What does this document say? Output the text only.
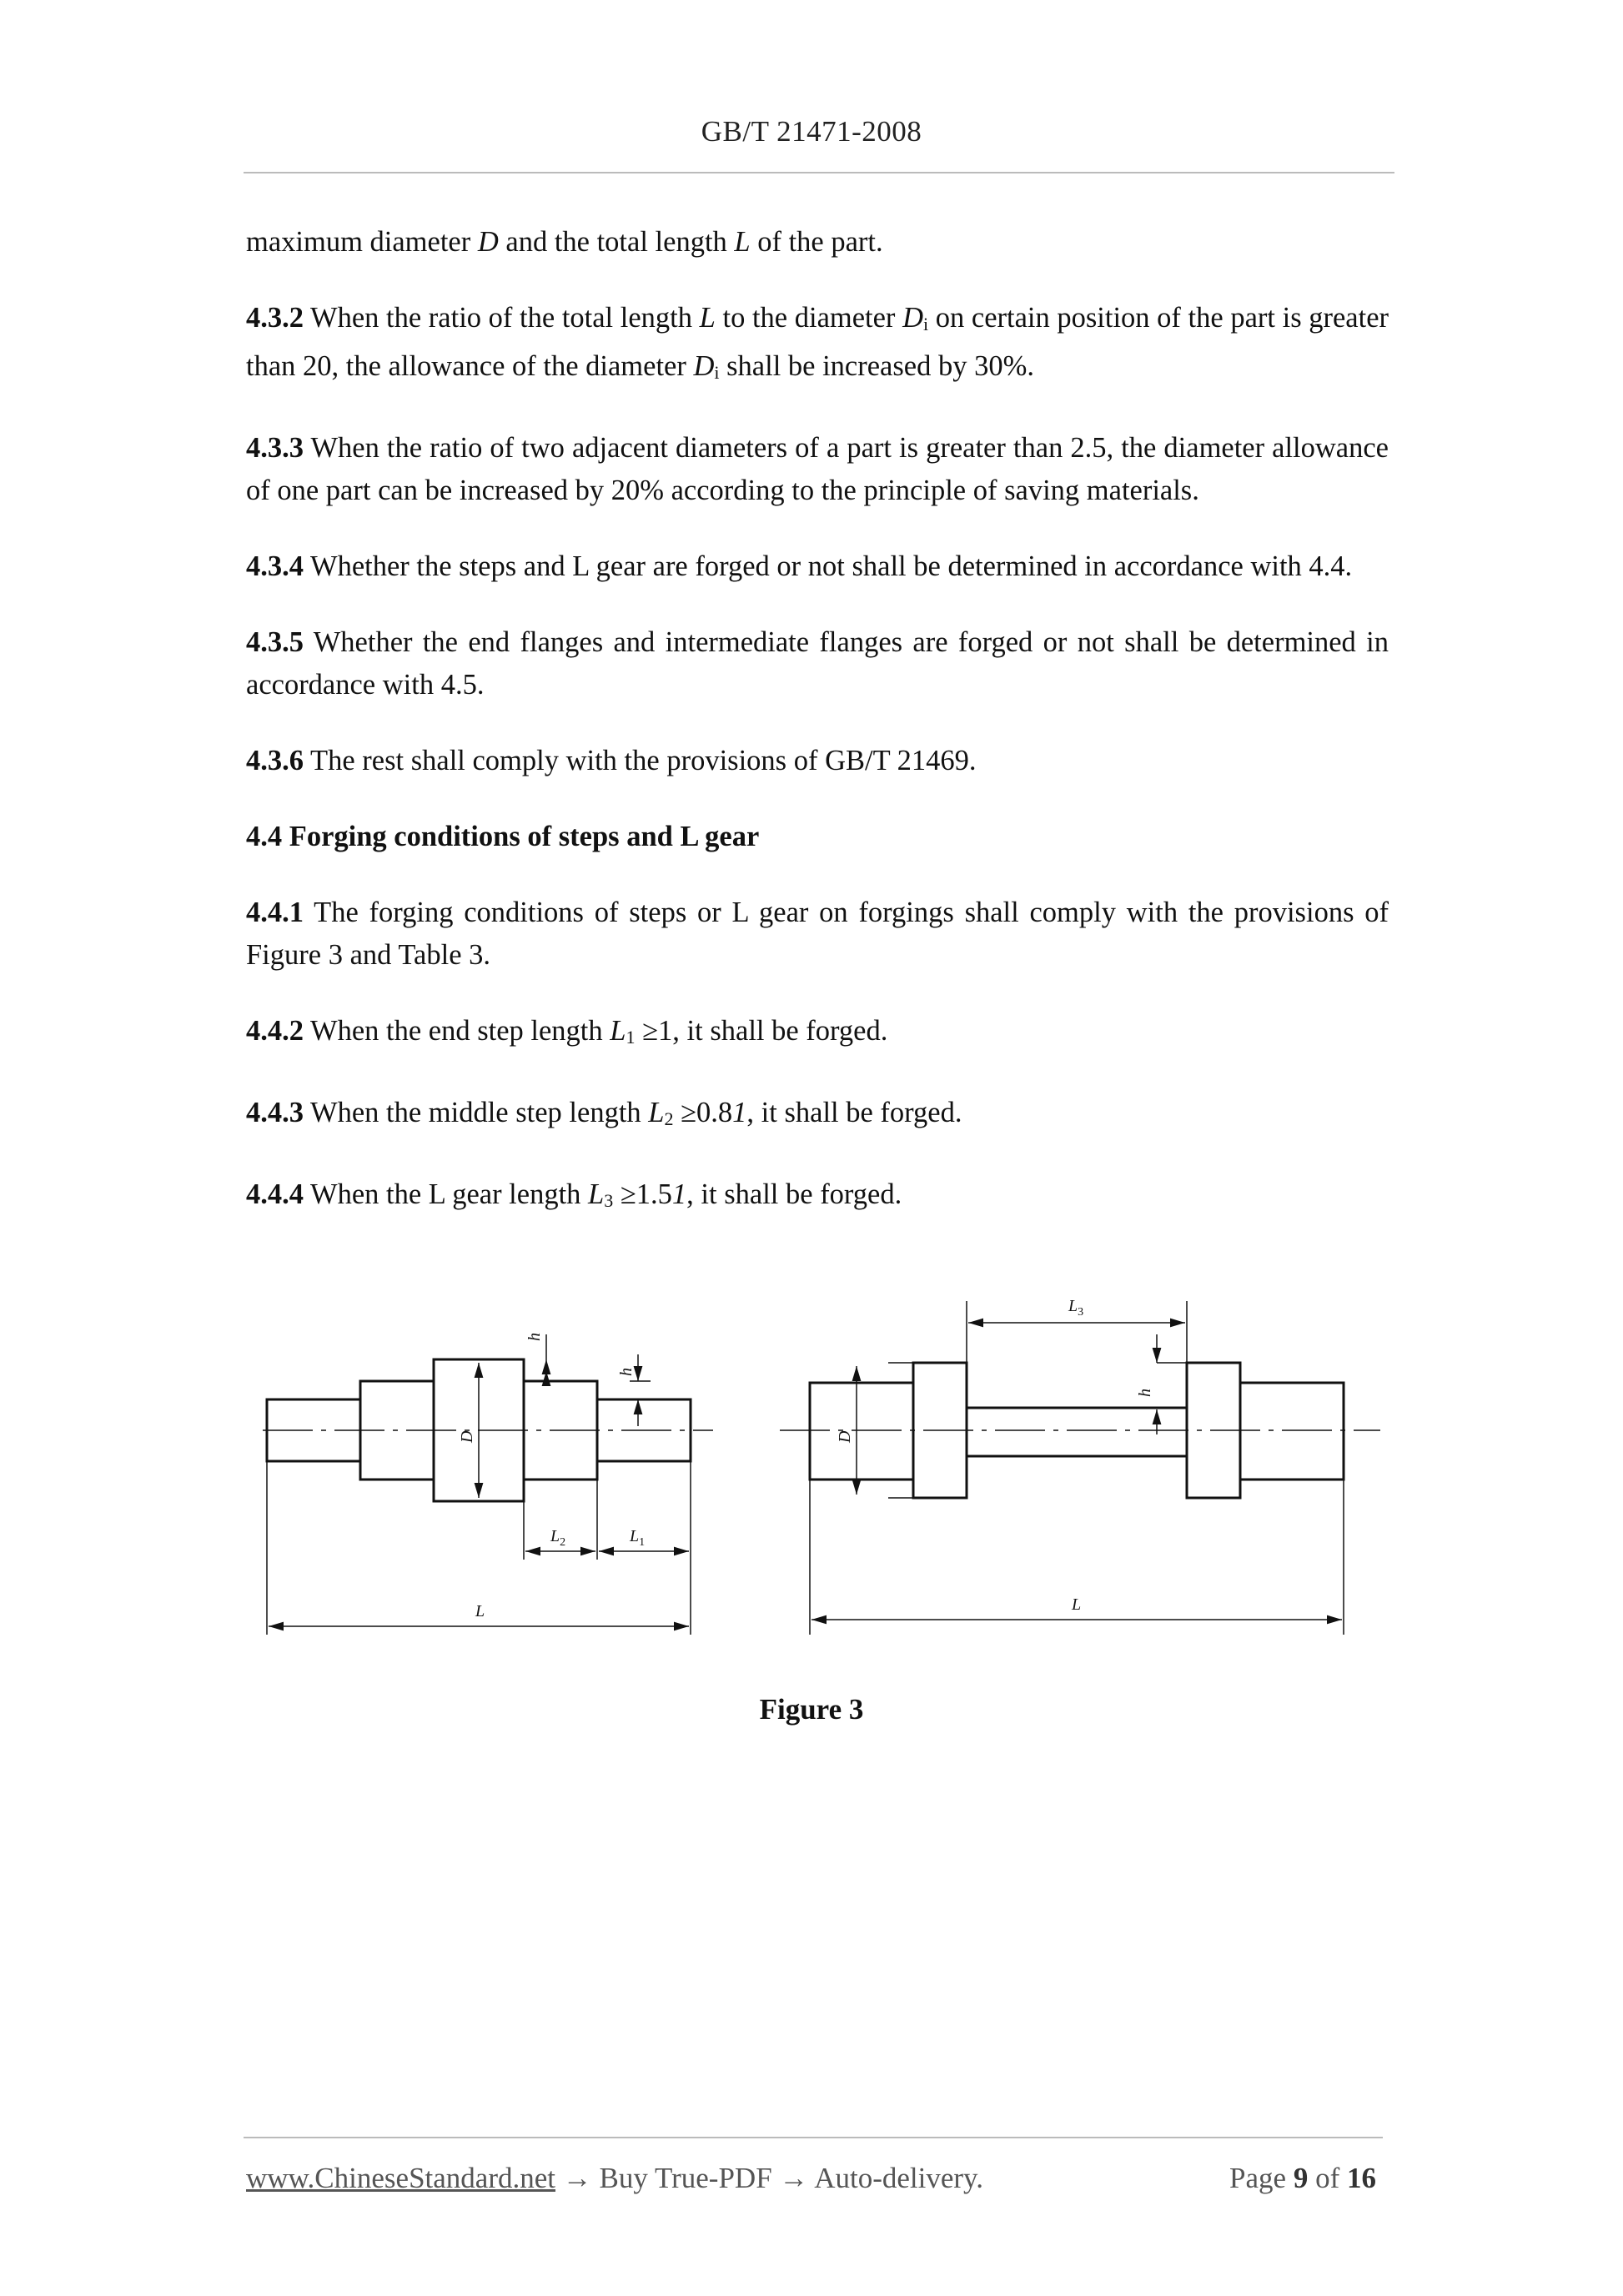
GB/T 21471-2008

maximum diameter D and the total length L of the part.

4.3.2 When the ratio of the total length L to the diameter Di on certain position of the part is greater than 20, the allowance of the diameter Di shall be increased by 30%.

4.3.3 When the ratio of two adjacent diameters of a part is greater than 2.5, the diameter allowance of one part can be increased by 20% according to the principle of saving materials.

4.3.4 Whether the steps and L gear are forged or not shall be determined in accordance with 4.4.

4.3.5 Whether the end flanges and intermediate flanges are forged or not shall be determined in accordance with 4.5.

4.3.6 The rest shall comply with the provisions of GB/T 21469.

4.4 Forging conditions of steps and L gear

4.4.1 The forging conditions of steps or L gear on forgings shall comply with the provisions of Figure 3 and Table 3.

4.4.2 When the end step length L1 ≥1, it shall be forged.

4.4.3 When the middle step length L2 ≥0.81, it shall be forged.

4.4.4 When the L gear length L3 ≥1.51, it shall be forged.

h
h
D
$L_2$	$L_1$
L
$L_3$
h
D
L
Figure 3
www.ChineseStandard.net → Buy True-PDF → Auto-delivery.	Page 9 of 16
